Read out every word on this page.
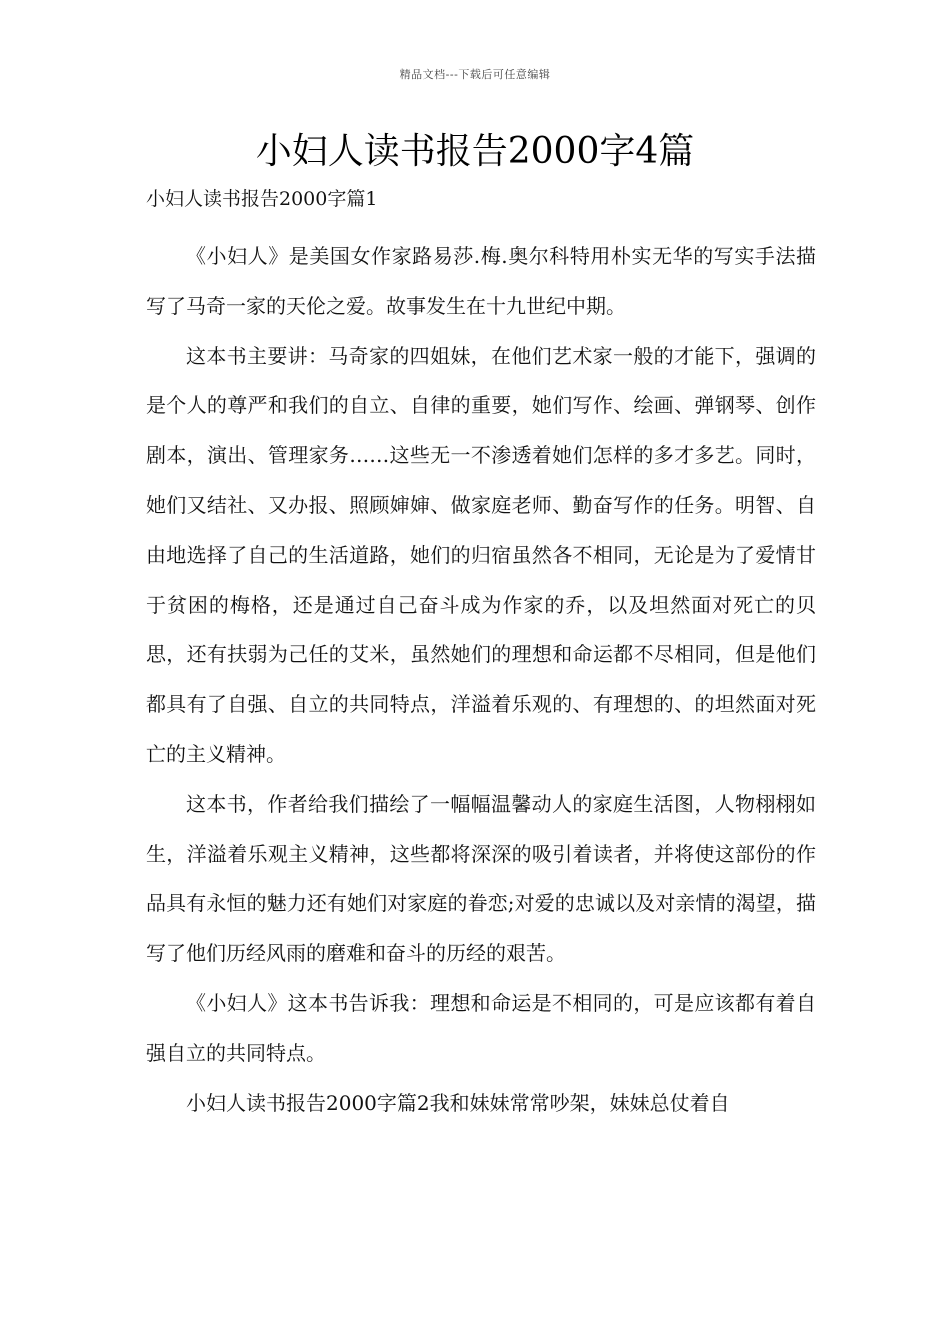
精品文档---下载后可任意编辑
小妇人读书报告2000字4篇
小妇人读书报告2000字篇1

《小妇人》是美国女作家路易莎.梅.奥尔科特用朴实无华的写实手法描写了马奇一家的天伦之爱。故事发生在十九世纪中期。

这本书主要讲：马奇家的四姐妹，在他们艺术家一般的才能下，强调的是个人的尊严和我们的自立、自律的重要，她们写作、绘画、弹钢琴、创作剧本，演出、管理家务……这些无一不渗透着她们怎样的多才多艺。同时，她们又结社、又办报、照顾婶婶、做家庭老师、勤奋写作的任务。明智、自由地选择了自己的生活道路，她们的归宿虽然各不相同，无论是为了爱情甘于贫困的梅格，还是通过自己奋斗成为作家的乔，以及坦然面对死亡的贝思，还有扶弱为己任的艾米，虽然她们的理想和命运都不尽相同，但是他们都具有了自强、自立的共同特点，洋溢着乐观的、有理想的、的坦然面对死亡的主义精神。

这本书，作者给我们描绘了一幅幅温馨动人的家庭生活图，人物栩栩如生，洋溢着乐观主义精神，这些都将深深的吸引着读者，并将使这部份的作品具有永恒的魅力还有她们对家庭的眷恋;对爱的忠诚以及对亲情的渴望，描写了他们历经风雨的磨难和奋斗的历经的艰苦。

《小妇人》这本书告诉我：理想和命运是不相同的，可是应该都有着自强自立的共同特点。

小妇人读书报告2000字篇2我和妹妹常常吵架，妹妹总仗着自
